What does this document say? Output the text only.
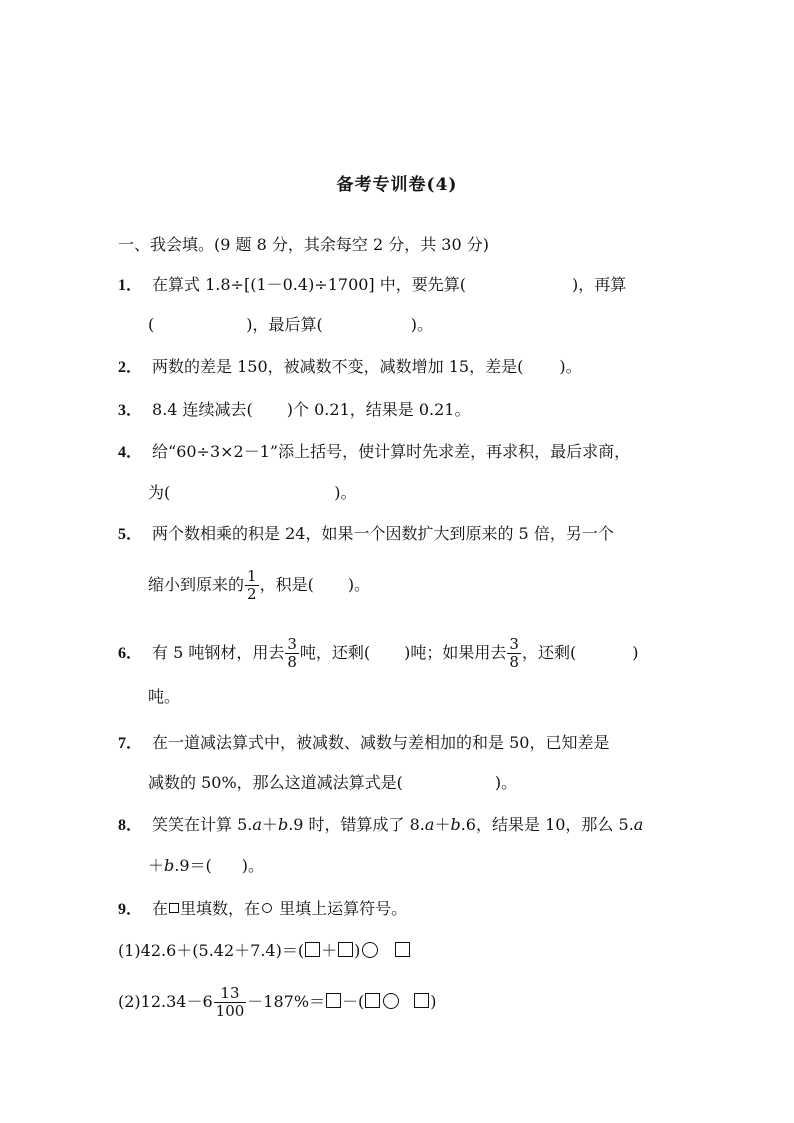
备考专训卷(4)
一、我会填。(9 题 8 分，其余每空 2 分，共 30 分)
1． 在算式 1.8÷[(1－0.4)÷1700] 中，要先算(	)，再算
(	)，最后算(	)。
2． 两数的差是 150，被减数不变，减数增加 15，差是( )。
3． 8.4 连续减去( )个 0.21，结果是 0.21。
4． 给“60÷3×2－1”添上括号，使计算时先求差，再求积，最后求商，
为(	)。
5． 两个数相乘的积是 24，如果一个因数扩大到原来的 5 倍，另一个
缩小到原来的 $\frac{1}{2}$ ，积是( )。
6． 有 5 吨钢材，用去 $\frac{3}{8}$ 吨，还剩( )吨；如果用去 $\frac{3}{8}$ ，还剩(	)
吨。
7． 在一道减法算式中，被减数、减数与差相加的和是 50，已知差是
减数的 50%，那么这道减法算式是(	)。
8． 笑笑在计算 5.a＋b.9 时，错算成了 8.a＋b.6，结果是 10，那么 5.a
＋b.9＝( )。
9． 在 里填数，在 里填上运算符号。
(1)42.6＋(5.42＋7.4)＝( ＋ )
$(2)12.34-6 \frac{13}{100} -187\%=$ －(	)
